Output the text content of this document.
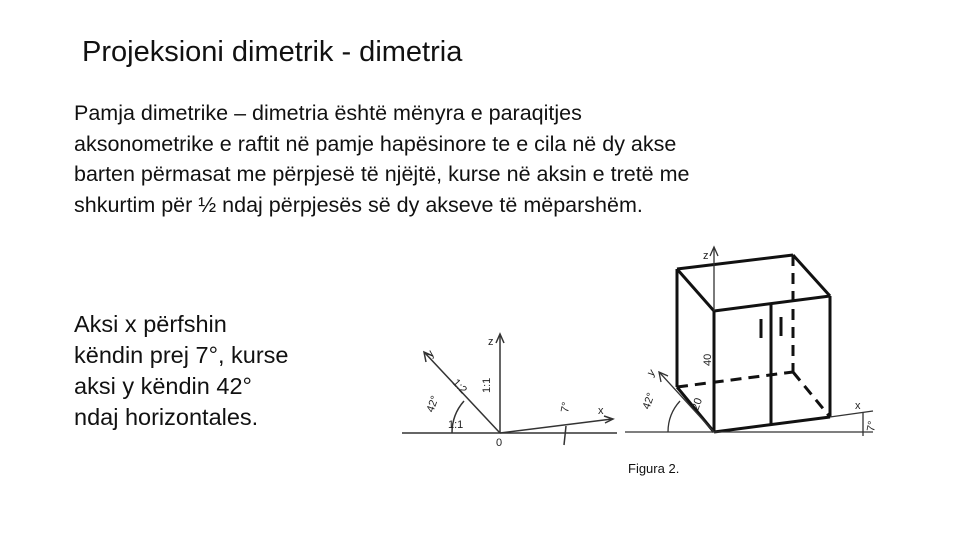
Projeksioni dimetrik - dimetria

Pamja dimetrike – dimetria është mënyra e paraqitjes
aksonometrike e raftit në pamje hapësinore te e cila në dy akse
barten përmasat me përpjesë të njëjtë, kurse në aksin e tretë me
shkurtim për ½ ndaj përpjesës së dy akseve të mëparshëm.

Aksi x përfshin
këndin prej 7°, kurse
aksi y këndin 42°
ndaj horizontales.

z
1:1
y
1:2
42°
1:1
0
7° x
z
y
42°
40
20	x
7°

Figura 2.
